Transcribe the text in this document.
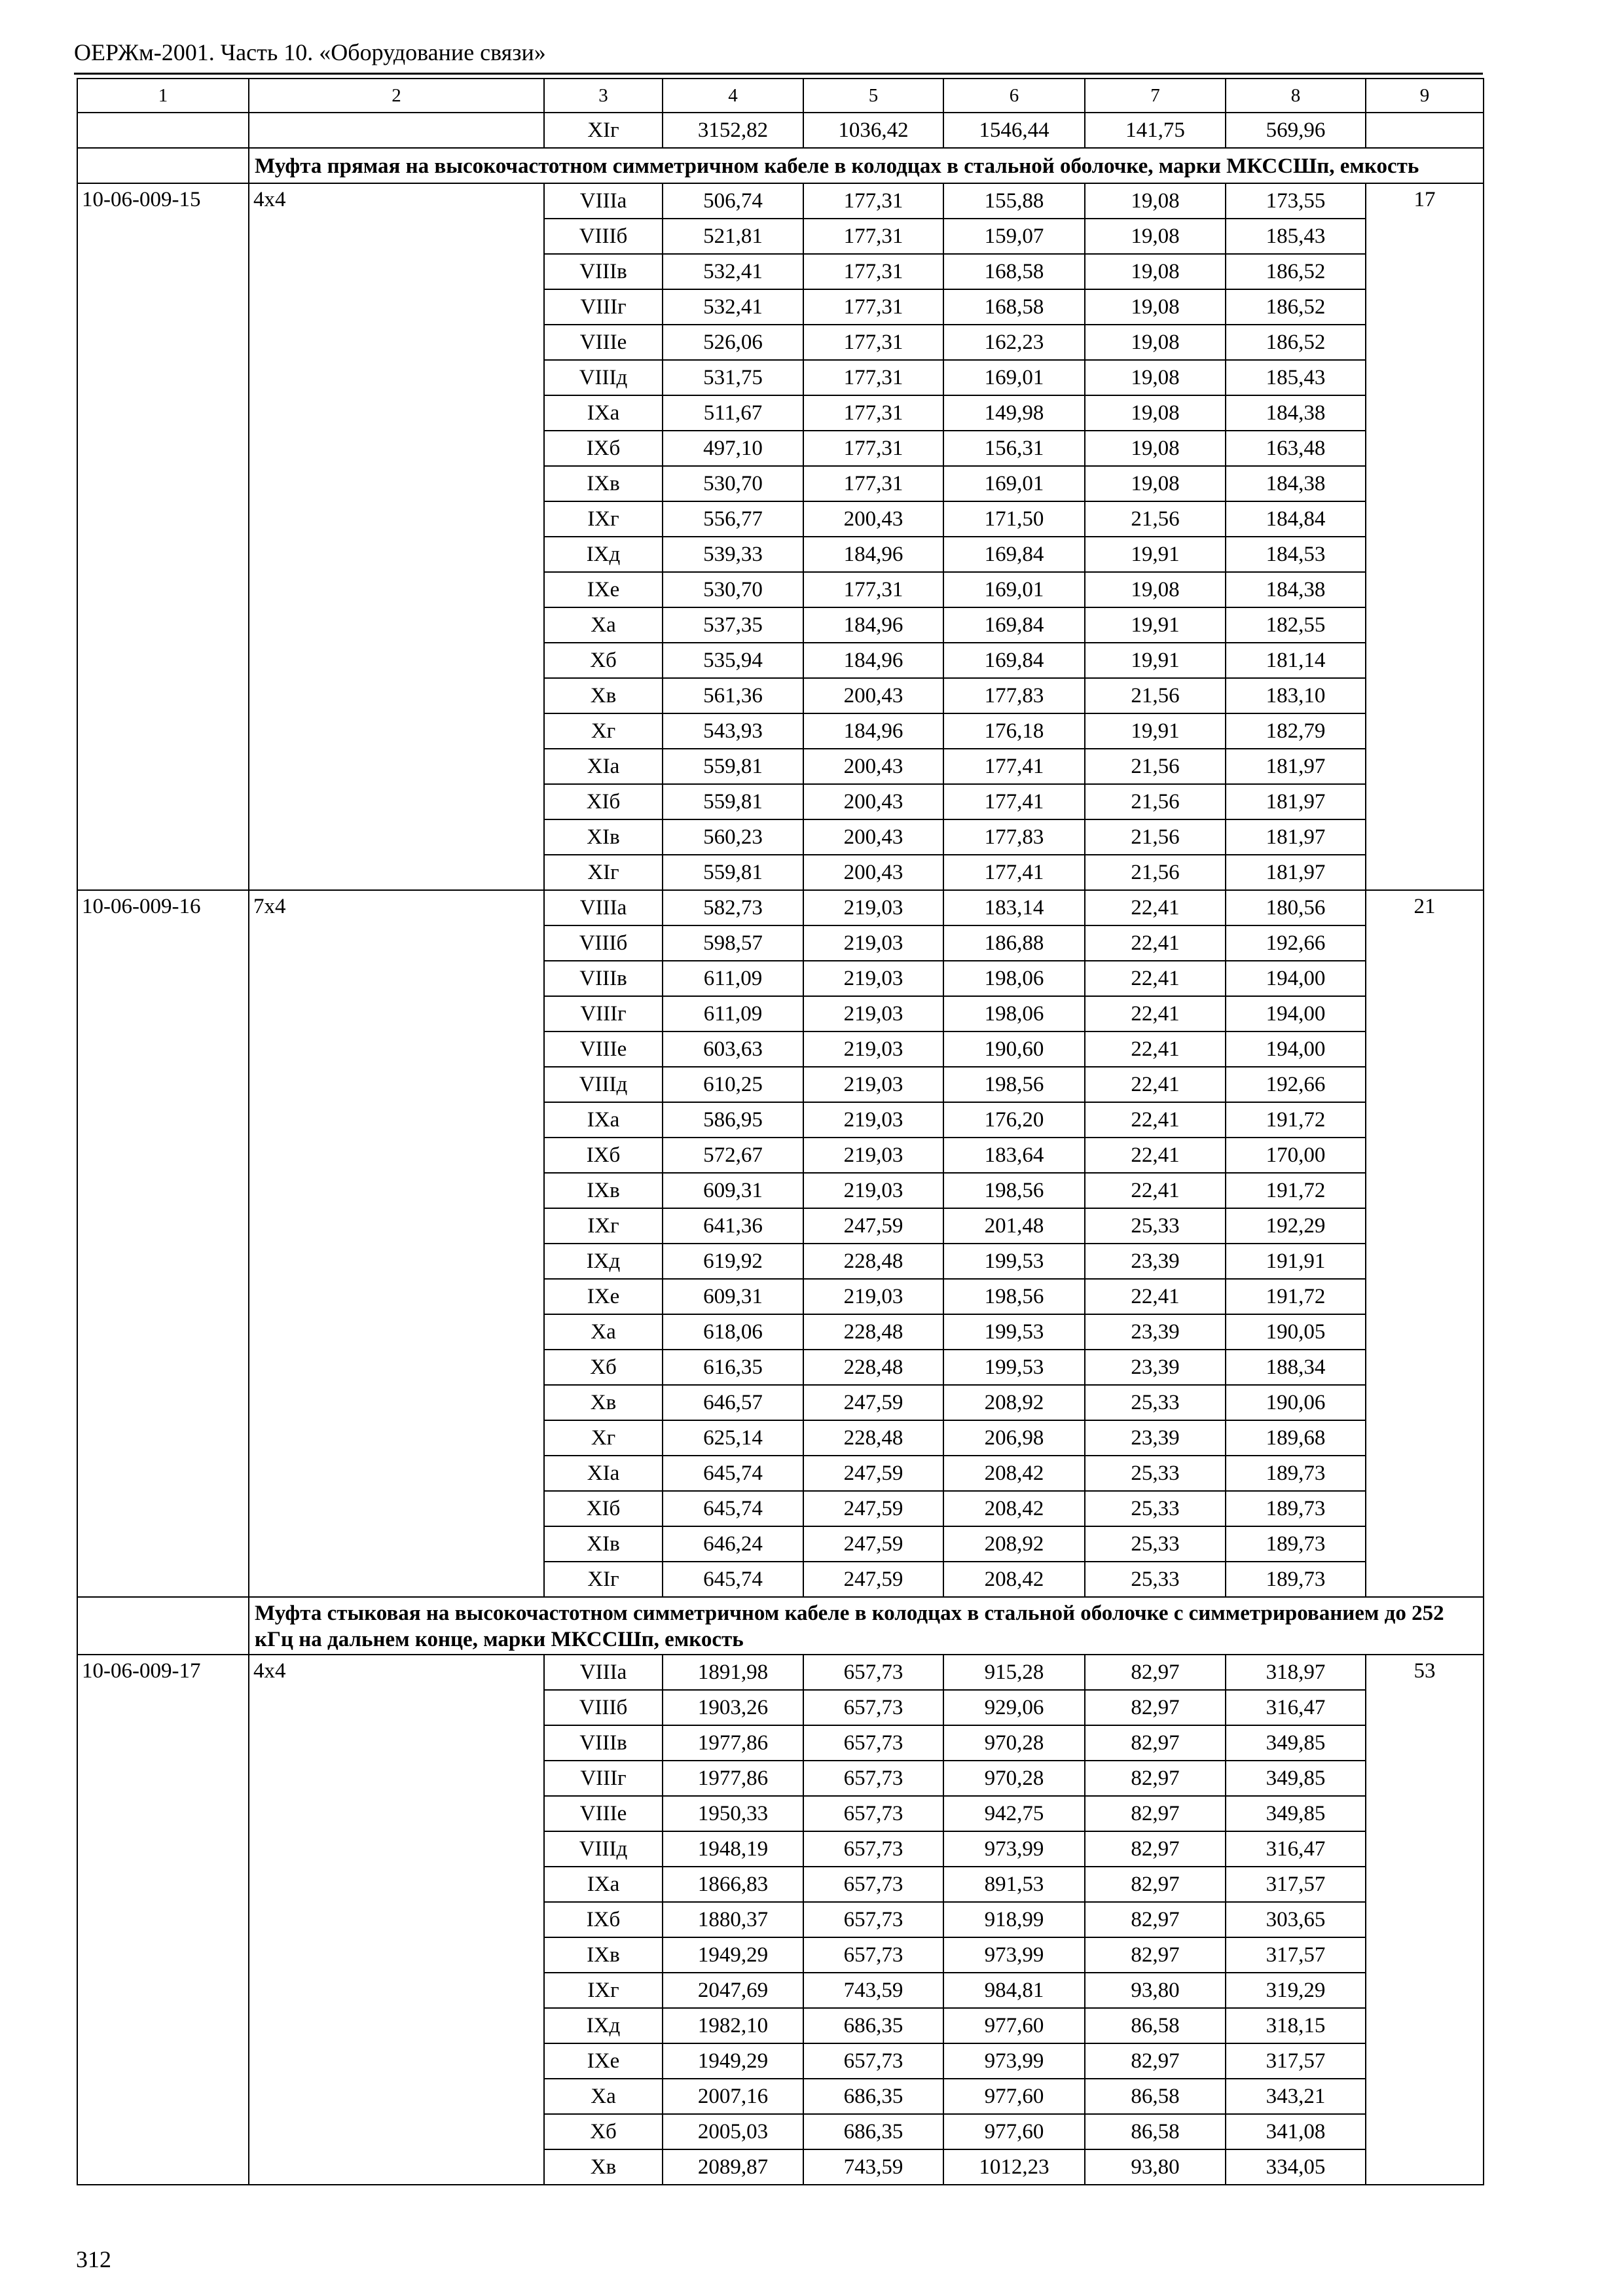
ОЕРЖм-2001. Часть 10. «Оборудование связи»
1	2	3	4	5	6	7	8	9
		XIг	3152,82	1036,42	1546,44	141,75	569,96	
	Муфта прямая на высокочастотном симметричном кабеле в колодцах в стальной оболочке, марки МКССШп, емкость							
10-06-009-15	4х4	VIIIа	506,74	177,31	155,88	19,08	173,55	17
		VIIIб	521,81	177,31	159,07	19,08	185,43	
		VIIIв	532,41	177,31	168,58	19,08	186,52	
		VIIIг	532,41	177,31	168,58	19,08	186,52	
		VIIIе	526,06	177,31	162,23	19,08	186,52	
		VIIIд	531,75	177,31	169,01	19,08	185,43	
		IXа	511,67	177,31	149,98	19,08	184,38	
		IXб	497,10	177,31	156,31	19,08	163,48	
		IXв	530,70	177,31	169,01	19,08	184,38	
		IXг	556,77	200,43	171,50	21,56	184,84	
		IXд	539,33	184,96	169,84	19,91	184,53	
		IXе	530,70	177,31	169,01	19,08	184,38	
		Xа	537,35	184,96	169,84	19,91	182,55	
		Xб	535,94	184,96	169,84	19,91	181,14	
		Xв	561,36	200,43	177,83	21,56	183,10	
		Xг	543,93	184,96	176,18	19,91	182,79	
		XIа	559,81	200,43	177,41	21,56	181,97	
		XIб	559,81	200,43	177,41	21,56	181,97	
		XIв	560,23	200,43	177,83	21,56	181,97	
		XIг	559,81	200,43	177,41	21,56	181,97	
10-06-009-16	7х4	VIIIа	582,73	219,03	183,14	22,41	180,56	21
		VIIIб	598,57	219,03	186,88	22,41	192,66	
		VIIIв	611,09	219,03	198,06	22,41	194,00	
		VIIIг	611,09	219,03	198,06	22,41	194,00	
		VIIIе	603,63	219,03	190,60	22,41	194,00	
		VIIIд	610,25	219,03	198,56	22,41	192,66	
		IXа	586,95	219,03	176,20	22,41	191,72	
		IXб	572,67	219,03	183,64	22,41	170,00	
		IXв	609,31	219,03	198,56	22,41	191,72	
		IXг	641,36	247,59	201,48	25,33	192,29	
		IXд	619,92	228,48	199,53	23,39	191,91	
		IXе	609,31	219,03	198,56	22,41	191,72	
		Xа	618,06	228,48	199,53	23,39	190,05	
		Xб	616,35	228,48	199,53	23,39	188,34	
		Xв	646,57	247,59	208,92	25,33	190,06	
		Xг	625,14	228,48	206,98	23,39	189,68	
		XIа	645,74	247,59	208,42	25,33	189,73	
		XIб	645,74	247,59	208,42	25,33	189,73	
		XIв	646,24	247,59	208,92	25,33	189,73	
		XIг	645,74	247,59	208,42	25,33	189,73	
	Муфта стыковая на высокочастотном симметричном кабеле в колодцах в стальной оболочке с симметрированием до 252 кГц на дальнем конце, марки МКССШп, емкость							
10-06-009-17	4х4	VIIIа	1891,98	657,73	915,28	82,97	318,97	53
		VIIIб	1903,26	657,73	929,06	82,97	316,47	
		VIIIв	1977,86	657,73	970,28	82,97	349,85	
		VIIIг	1977,86	657,73	970,28	82,97	349,85	
		VIIIе	1950,33	657,73	942,75	82,97	349,85	
		VIIIд	1948,19	657,73	973,99	82,97	316,47	
		IXа	1866,83	657,73	891,53	82,97	317,57	
		IXб	1880,37	657,73	918,99	82,97	303,65	
		IXв	1949,29	657,73	973,99	82,97	317,57	
		IXг	2047,69	743,59	984,81	93,80	319,29	
		IXд	1982,10	686,35	977,60	86,58	318,15	
		IXе	1949,29	657,73	973,99	82,97	317,57	
		Xа	2007,16	686,35	977,60	86,58	343,21	
		Xб	2005,03	686,35	977,60	86,58	341,08	
		Xв	2089,87	743,59	1012,23	93,80	334,05	
312
